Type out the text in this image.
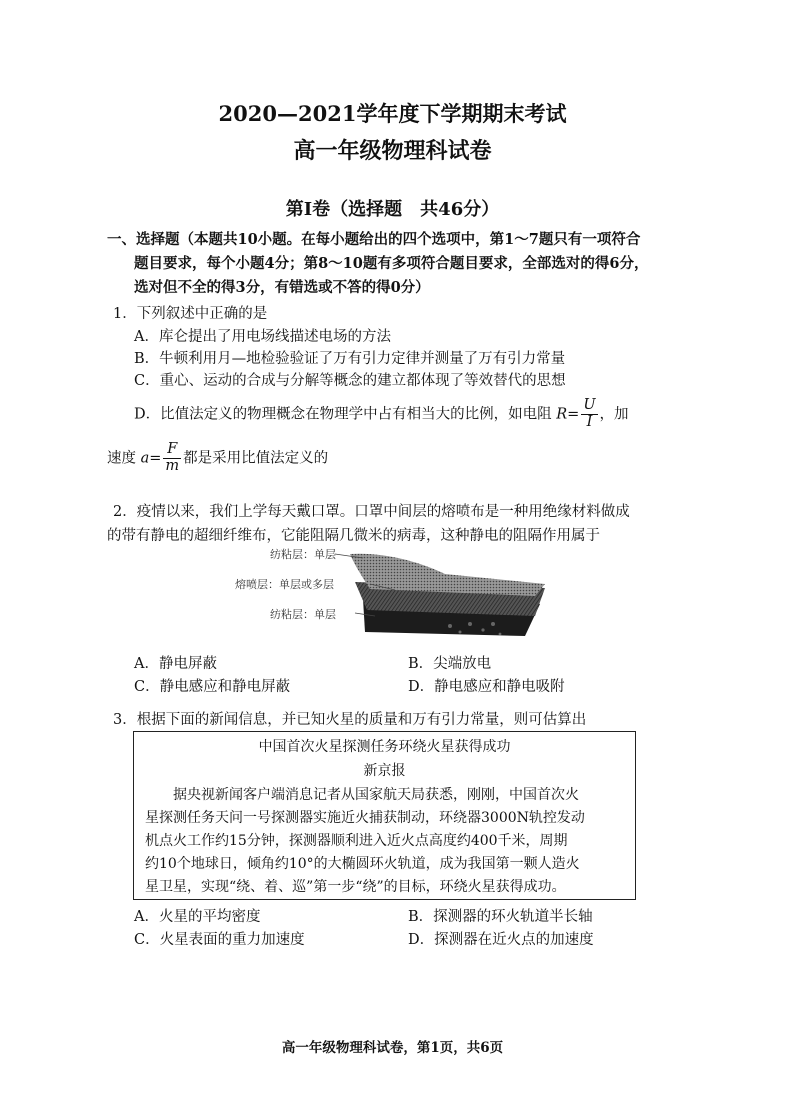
2020—2021学年度下学期期末考试
高一年级物理科试卷
第Ⅰ卷（选择题　共46分）
一、选择题（本题共10小题。在每小题给出的四个选项中，第1～7题只有一项符合
题目要求，每个小题4分；第8～10题有多项符合题目要求，全部选对的得6分，
选对但不全的得3分，有错选或不答的得0分）
1．下列叙述中正确的是
A．库仑提出了用电场线描述电场的方法
B．牛顿利用月—地检验验证了万有引力定律并测量了万有引力常量
C．重心、运动的合成与分解等概念的建立都体现了等效替代的思想
D．比值法定义的物理概念在物理学中占有相当大的比例，如电阻 $R= \frac{U}{I}$ ，加
速度 $a= \frac{F}{m}$ 都是采用比值法定义的
2．疫情以来，我们上学每天戴口罩。口罩中间层的熔喷布是一种用绝缘材料做成
的带有静电的超细纤维布，它能阻隔几微米的病毒，这种静电的阻隔作用属于
纺粘层：单层
熔喷层：单层或多层
纺粘层：单层
A．静电屏蔽	B．尖端放电
C．静电感应和静电屏蔽	D．静电感应和静电吸附
3．根据下面的新闻信息，并已知火星的质量和万有引力常量，则可估算出
中国首次火星探测任务环绕火星获得成功
新京报
　　据央视新闻客户端消息记者从国家航天局获悉，刚刚，中国首次火
星探测任务天问一号探测器实施近火捕获制动，环绕器3000N轨控发动
机点火工作约15分钟，探测器顺利进入近火点高度约400千米，周期
约10个地球日，倾角约10°的大椭圆环火轨道，成为我国第一颗人造火
星卫星，实现“绕、着、巡”第一步“绕”的目标，环绕火星获得成功。
A．火星的平均密度	B．探测器的环火轨道半长轴
C．火星表面的重力加速度	D．探测器在近火点的加速度
高一年级物理科试卷，第1页，共6页
